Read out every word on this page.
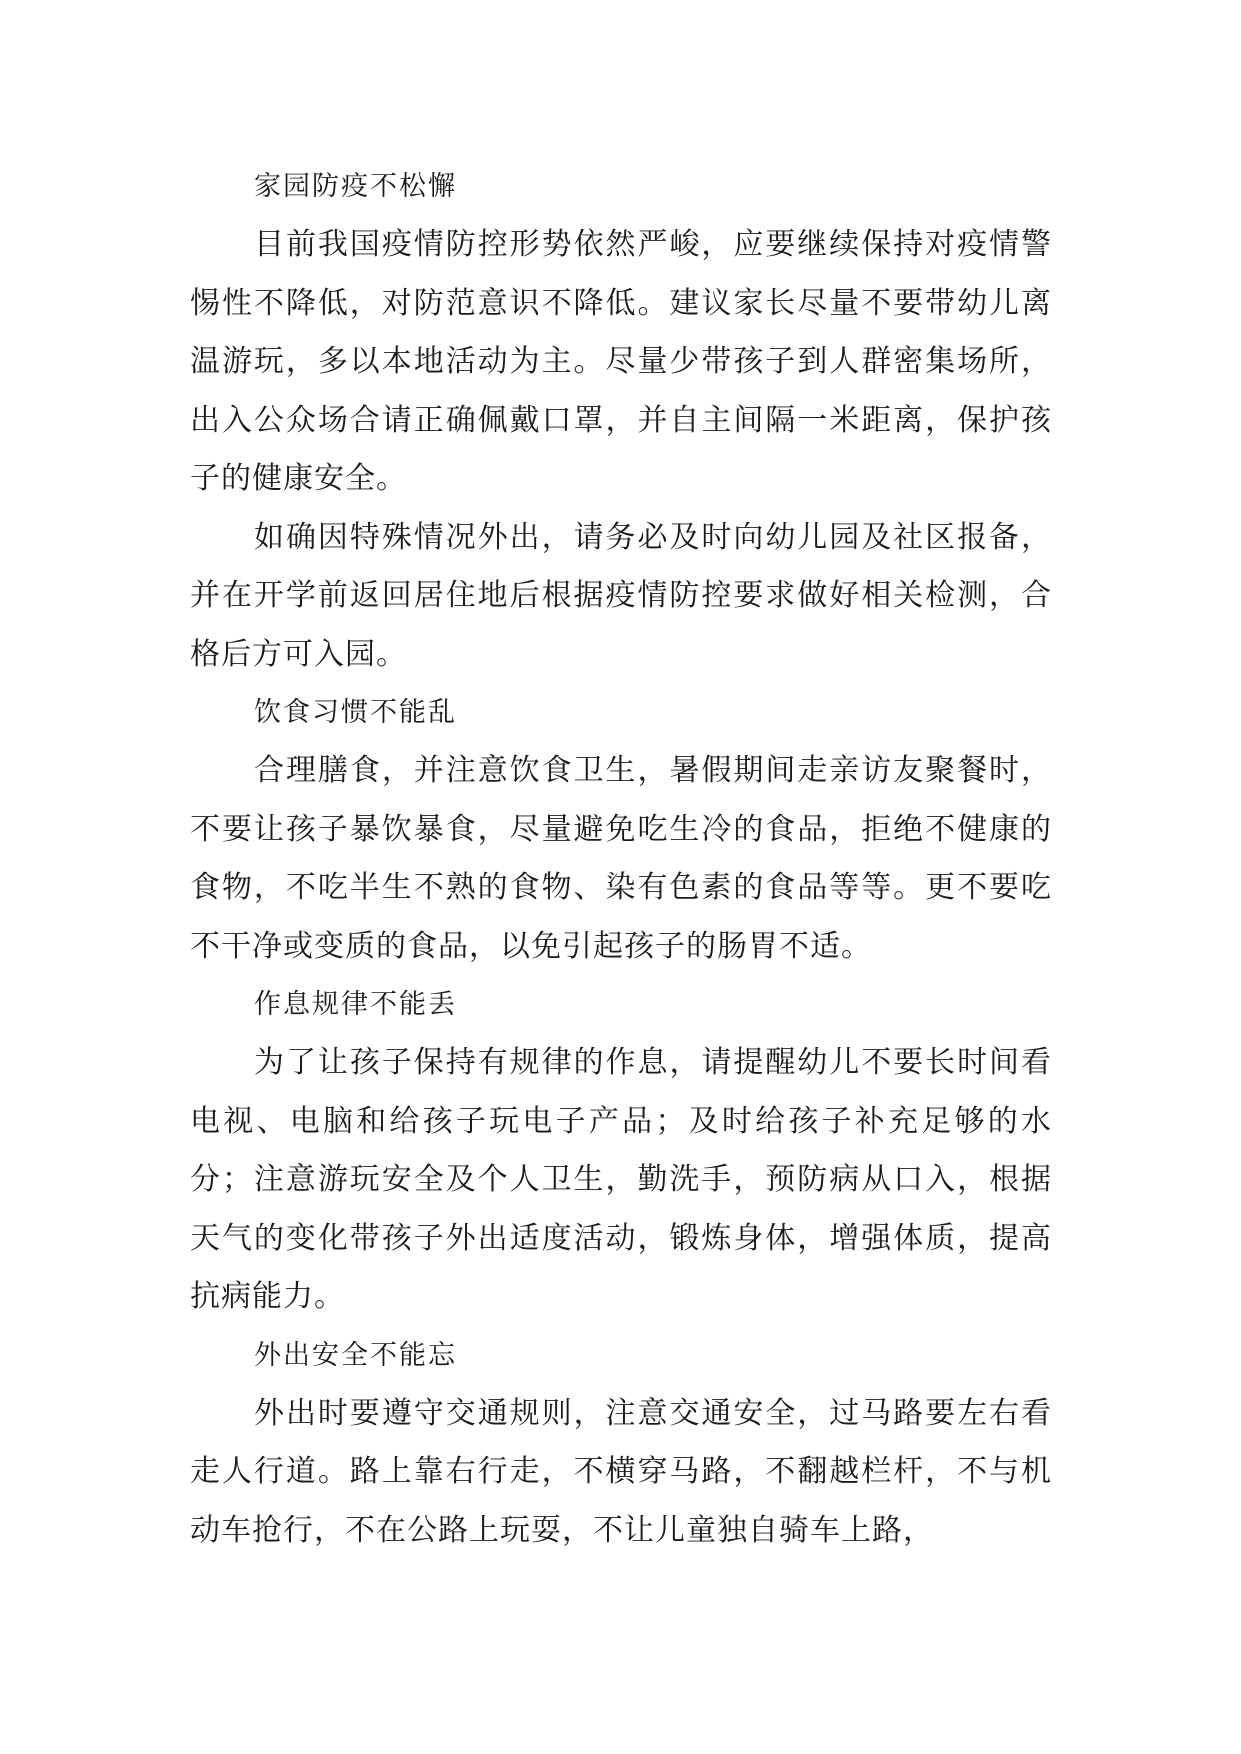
家园防疫不松懈

目前我国疫情防控形势依然严峻，应要继续保持对疫情警惕性不降低，对防范意识不降低。建议家长尽量不要带幼儿离温游玩，多以本地活动为主。尽量少带孩子到人群密集场所，出入公众场合请正确佩戴口罩，并自主间隔一米距离，保护孩子的健康安全。

如确因特殊情况外出，请务必及时向幼儿园及社区报备，并在开学前返回居住地后根据疫情防控要求做好相关检测，合格后方可入园。

饮食习惯不能乱

合理膳食，并注意饮食卫生，暑假期间走亲访友聚餐时，不要让孩子暴饮暴食，尽量避免吃生冷的食品，拒绝不健康的食物，不吃半生不熟的食物、染有色素的食品等等。更不要吃不干净或变质的食品，以免引起孩子的肠胃不适。

作息规律不能丢

为了让孩子保持有规律的作息，请提醒幼儿不要长时间看电视、电脑和给孩子玩电子产品；及时给孩子补充足够的水分；注意游玩安全及个人卫生，勤洗手，预防病从口入，根据天气的变化带孩子外出适度活动，锻炼身体，增强体质，提高抗病能力。

外出安全不能忘

外出时要遵守交通规则，注意交通安全，过马路要左右看走人行道。路上靠右行走，不横穿马路，不翻越栏杆，不与机动车抢行，不在公路上玩耍，不让儿童独自骑车上路，
